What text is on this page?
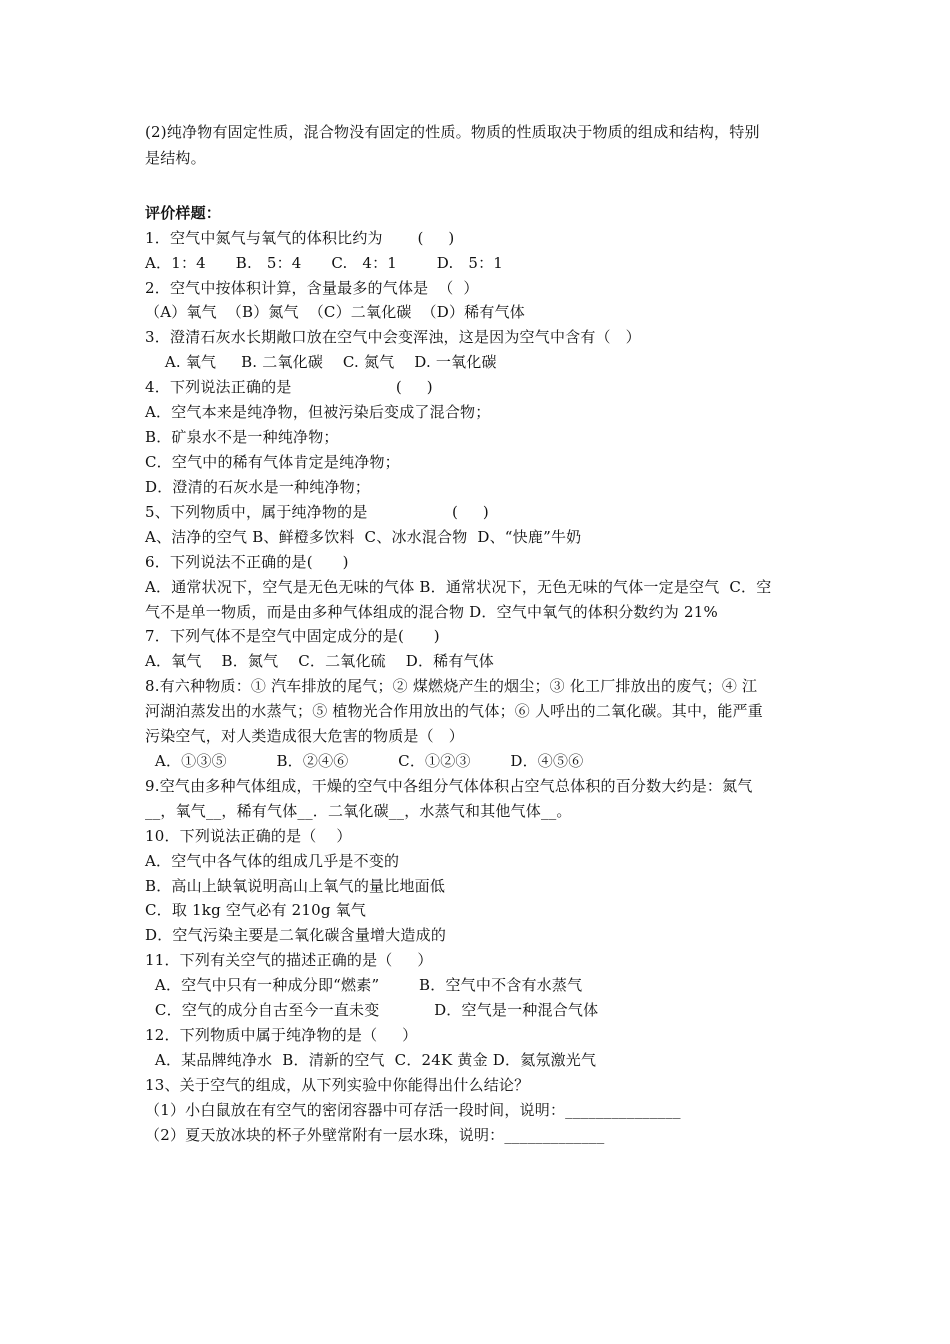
(2)纯净物有固定性质，混合物没有固定的性质。物质的性质取决于物质的组成和结构，特别
是结构。
评价样题：
1．空气中氮气与氧气的体积比约为       (     )
A．1：4      B.   5：4      C.   4：1        D.   5：1
2．空气中按体积计算，含量最多的气体是  （  ）
（A）氧气  （B）氮气  （C）二氧化碳  （D）稀有气体
3．澄清石灰水长期敞口放在空气中会变浑浊，这是因为空气中含有（   ）
A. 氧气     B. 二氧化碳    C. 氮气    D. 一氧化碳
4．下列说法正确的是                     (     )
A．空气本来是纯净物，但被污染后变成了混合物；
B．矿泉水不是一种纯净物；
C．空气中的稀有气体肯定是纯净物；
D．澄清的石灰水是一种纯净物；
5、下列物质中，属于纯净物的是                 (     )
A、洁净的空气 B、鲜橙多饮料  C、冰水混合物  D、“快鹿”牛奶
6．下列说法不正确的是(      )
A．通常状况下，空气是无色无味的气体 B．通常状况下，无色无味的气体一定是空气  C．空
气不是单一物质，而是由多种气体组成的混合物 D．空气中氧气的体积分数约为 21%
7．下列气体不是空气中固定成分的是(      )
A．氧气    B．氮气    C．二氧化硫    D．稀有气体
8.有六种物质：① 汽车排放的尾气；② 煤燃烧产生的烟尘；③ 化工厂排放出的废气；④ 江
河湖泊蒸发出的水蒸气；⑤ 植物光合作用放出的气体；⑥ 人呼出的二氧化碳。其中，能严重
污染空气，对人类造成很大危害的物质是（   ）
A．①③⑤          B．②④⑥          C．①②③        D．④⑤⑥
9.空气由多种气体组成，干燥的空气中各组分气体体积占空气总体积的百分数大约是：氮气
__，氧气__，稀有气体__．二氧化碳__，水蒸气和其他气体__。
10．下列说法正确的是（    ）
A．空气中各气体的组成几乎是不变的
B．高山上缺氧说明高山上氧气的量比地面低
C．取 1kg 空气必有 210g 氧气
D．空气污染主要是二氧化碳含量增大造成的
11．下列有关空气的描述正确的是（     ）
A．空气中只有一种成分即“燃素”        B．空气中不含有水蒸气
C．空气的成分自古至今一直未变           D．空气是一种混合气体
12．下列物质中属于纯净物的是（     ）
A．某品牌纯净水  B．清新的空气  C．24K 黄金 D．氦氖激光气
13、关于空气的组成，从下列实验中你能得出什么结论？
（1）小白鼠放在有空气的密闭容器中可存活一段时间，说明：_______________
（2）夏天放冰块的杯子外壁常附有一层水珠，说明：_____________
